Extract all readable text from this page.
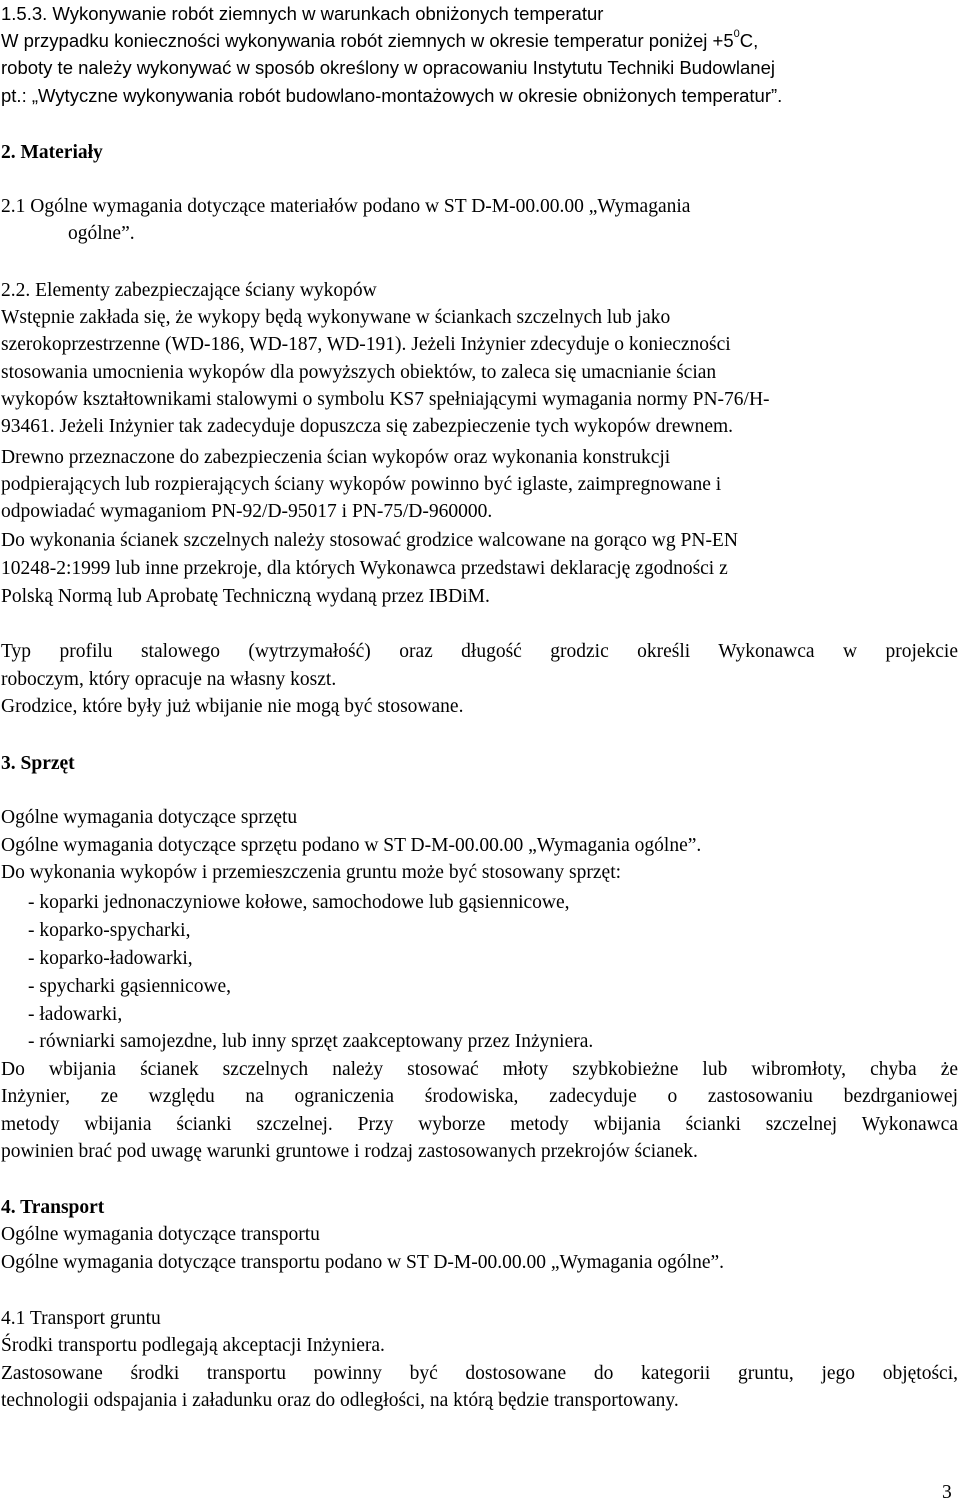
1.5.3. Wykonywanie robót ziemnych w warunkach obniżonych temperatur
W przypadku konieczności wykonywania robót ziemnych w okresie temperatur poniżej $+5^0C$,
roboty te należy wykonywać w sposób określony w opracowaniu Instytutu Techniki Budowlanej
pt.: „Wytyczne wykonywania robót budowlano-montażowych w okresie obniżonych temperatur”.
2. Materiały
2.1 Ogólne wymagania dotyczące materiałów podano w ST D-M-00.00.00 „Wymagania
ogólne”.
2.2. Elementy zabezpieczające ściany wykopów
Wstępnie zakłada się, że wykopy będą wykonywane w ściankach szczelnych lub jako
szerokoprzestrzenne (WD-186, WD-187, WD-191). Jeżeli Inżynier zdecyduje o konieczności
stosowania umocnienia wykopów dla powyższych obiektów, to zaleca się umacnianie ścian
wykopów kształtownikami stalowymi o symbolu KS7 spełniającymi wymagania normy PN-76/H-
93461. Jeżeli Inżynier tak zadecyduje dopuszcza się zabezpieczenie tych wykopów drewnem.
Drewno przeznaczone do zabezpieczenia ścian wykopów oraz wykonania konstrukcji
podpierających lub rozpierających ściany wykopów powinno być iglaste, zaimpregnowane i
odpowiadać wymaganiom PN-92/D-95017 i PN-75/D-960000.
Do wykonania ścianek szczelnych należy stosować grodzice walcowane na gorąco wg PN-EN
10248-2:1999 lub inne przekroje, dla których Wykonawca przedstawi deklarację zgodności z
Polską Normą lub Aprobatę Techniczną wydaną przez IBDiM.
Typ profilu stalowego (wytrzymałość) oraz długość grodzic określi Wykonawca w projekcie
roboczym, który opracuje na własny koszt.
Grodzice, które były już wbijanie nie mogą być stosowane.
3. Sprzęt
Ogólne wymagania dotyczące sprzętu
Ogólne wymagania dotyczące sprzętu podano w ST D-M-00.00.00 „Wymagania ogólne”.
Do wykonania wykopów i przemieszczenia gruntu może być stosowany sprzęt:
- koparki jednonaczyniowe kołowe, samochodowe lub gąsiennicowe,
- koparko-spycharki,
- koparko-ładowarki,
- spycharki gąsiennicowe,
- ładowarki,
- równiarki samojezdne, lub inny sprzęt zaakceptowany przez Inżyniera.
Do wbijania ścianek szczelnych należy stosować młoty szybkobieżne lub wibromłoty, chyba że
Inżynier, ze względu na ograniczenia środowiska, zadecyduje o zastosowaniu bezdrganiowej
metody wbijania ścianki szczelnej. Przy wyborze metody wbijania ścianki szczelnej Wykonawca
powinien brać pod uwagę warunki gruntowe i rodzaj zastosowanych przekrojów ścianek.
4. Transport
Ogólne wymagania dotyczące transportu
Ogólne wymagania dotyczące transportu podano w ST D-M-00.00.00 „Wymagania ogólne”.
4.1 Transport gruntu
Środki transportu podlegają akceptacji Inżyniera.
Zastosowane środki transportu powinny być dostosowane do kategorii gruntu, jego objętości,
technologii odspajania i załadunku oraz do odległości, na którą będzie transportowany.
3
